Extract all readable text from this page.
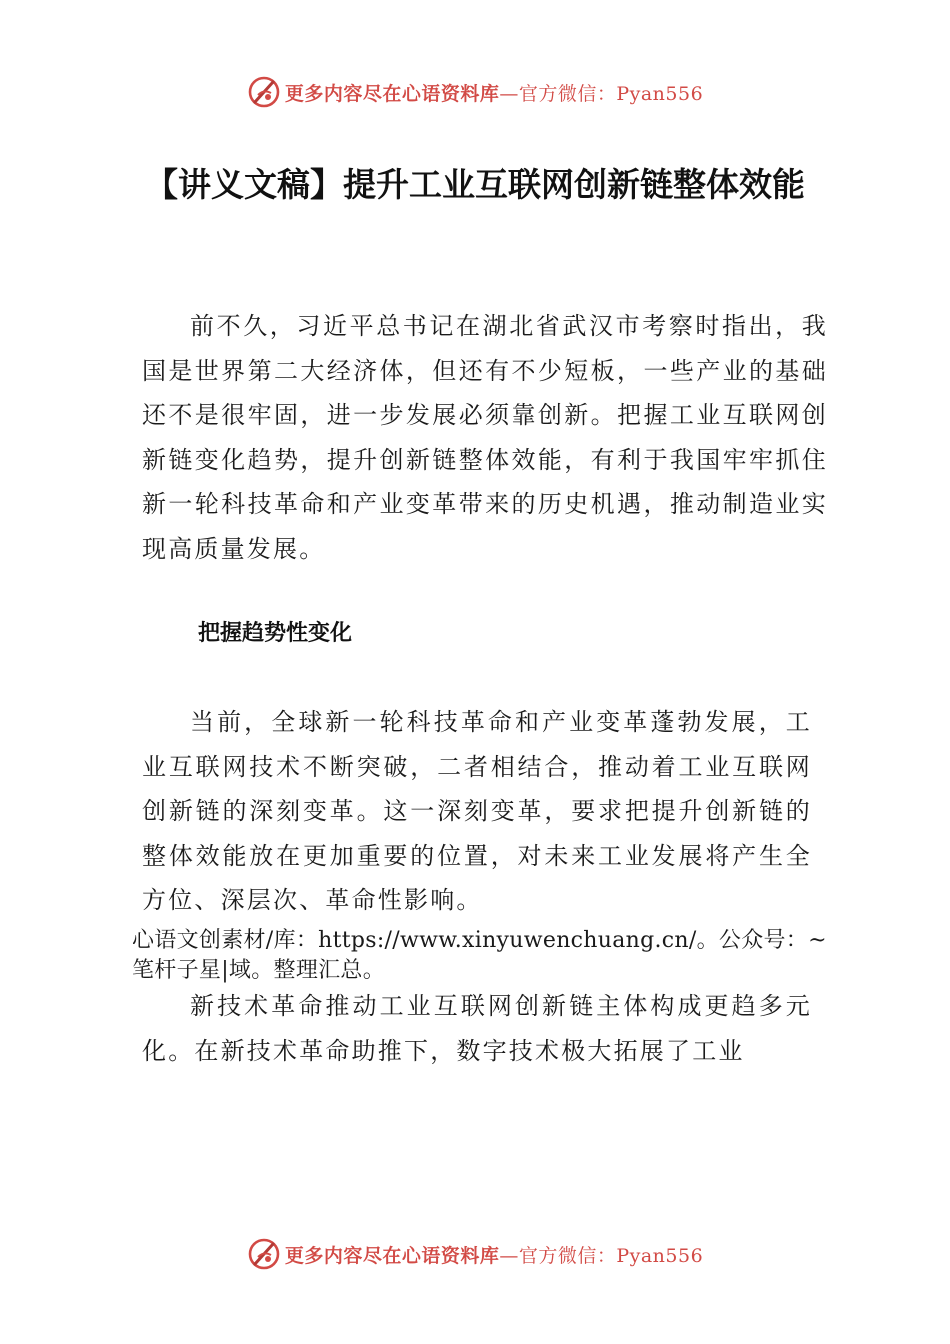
更多内容尽在心语资料库—官方微信：Pyan556
【讲义文稿】提升工业互联网创新链整体效能

前不久，习近平总书记在湖北省武汉市考察时指出，我国是世界第二大经济体，但还有不少短板，一些产业的基础还不是很牢固，进一步发展必须靠创新。把握工业互联网创新链变化趋势，提升创新链整体效能，有利于我国牢牢抓住新一轮科技革命和产业变革带来的历史机遇，推动制造业实现高质量发展。

把握趋势性变化

当前，全球新一轮科技革命和产业变革蓬勃发展，工业互联网技术不断突破，二者相结合，推动着工业互联网创新链的深刻变革。这一深刻变革，要求把提升创新链的整体效能放在更加重要的位置，对未来工业发展将产生全方位、深层次、革命性影响。

心语文创素材/库：https://www.xinyuwenchuang.cn/。公众号：~笔杆子星|域。整理汇总。

新技术革命推动工业互联网创新链主体构成更趋多元化。在新技术革命助推下，数字技术极大拓展了工业

更多内容尽在心语资料库—官方微信：Pyan556
